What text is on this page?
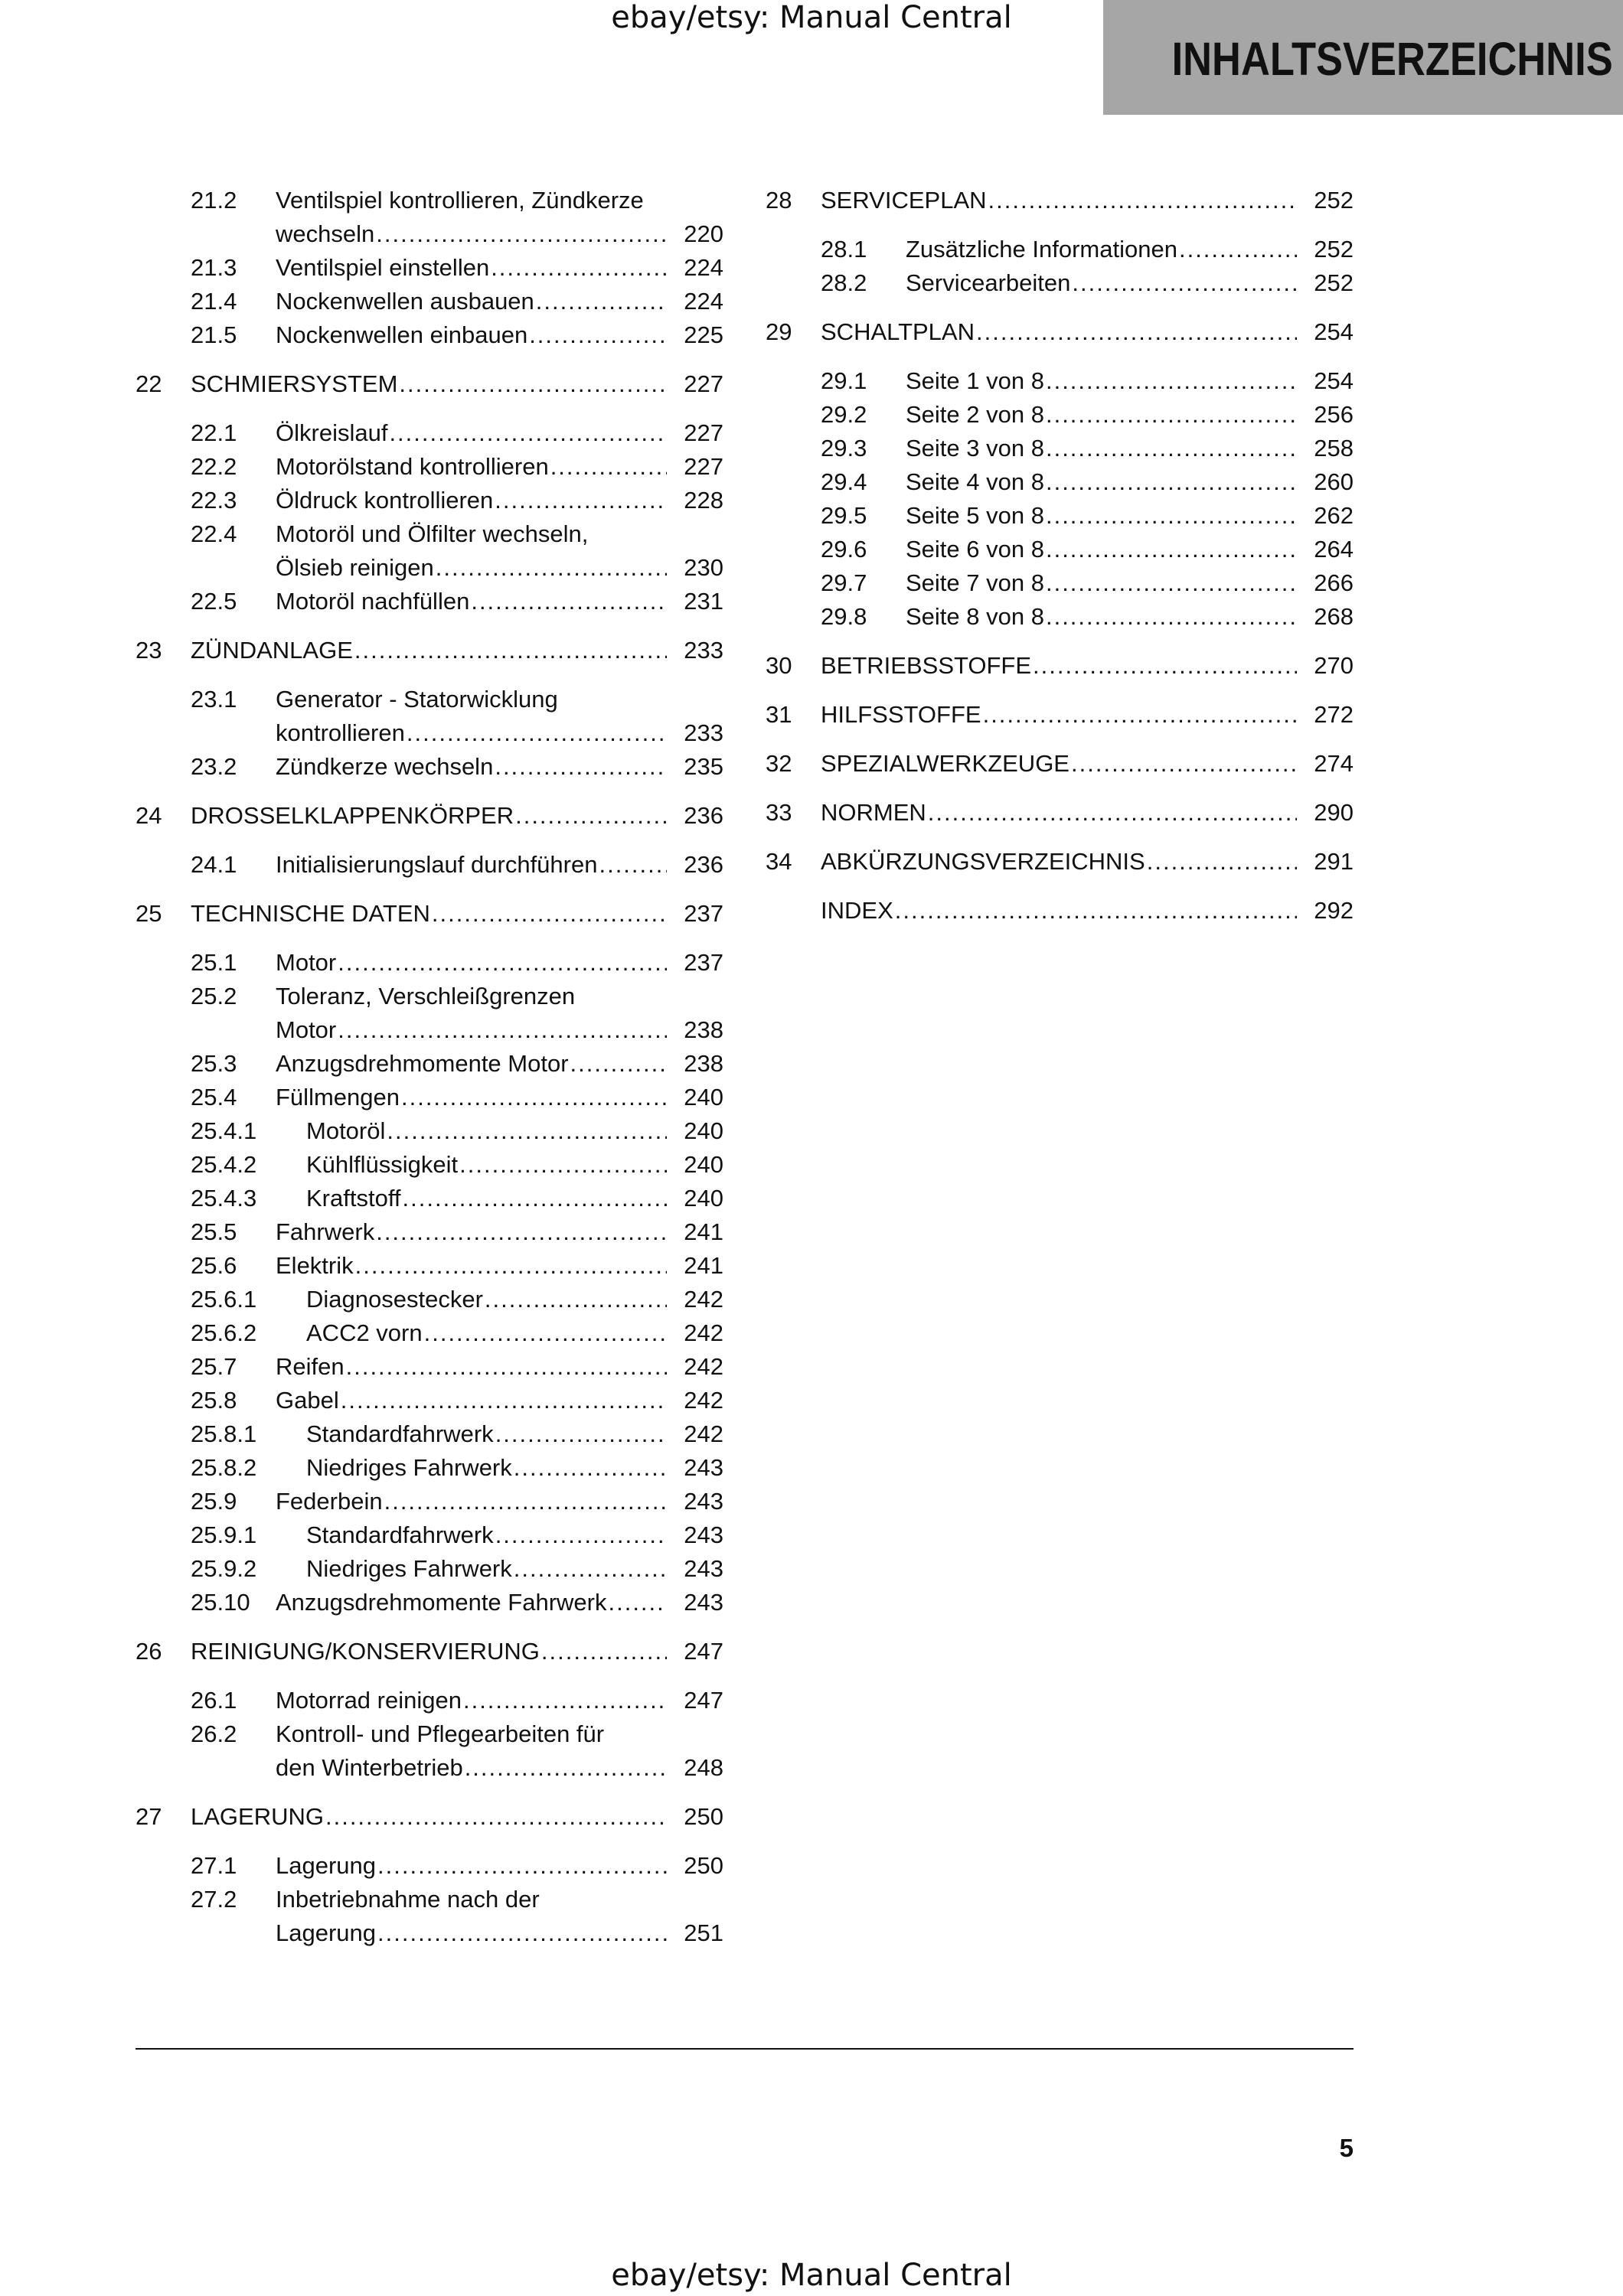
ebay/etsy: Manual Central
INHALTSVERZEICHNIS
21.2	Ventilspiel kontrollieren, Zündkerze
wechseln .....	220
21.3	Ventilspiel einstellen .....	224
21.4	Nockenwellen ausbauen .....	224
21.5	Nockenwellen einbauen .....	225
22	SCHMIERSYSTEM .....	227
22.1	Ölkreislauf .....	227
22.2	Motorölstand kontrollieren .....	227
22.3	Öldruck kontrollieren .....	228
22.4	Motoröl und Ölfilter wechseln,
Ölsieb reinigen .....	230
22.5	Motoröl nachfüllen .....	231
23	ZÜNDANLAGE .....	233
23.1	Generator - Statorwicklung
kontrollieren .....	233
23.2	Zündkerze wechseln .....	235
24	DROSSELKLAPPENKÖRPER .....	236
24.1	Initialisierungslauf durchführen .....	236
25	TECHNISCHE DATEN .....	237
25.1	Motor .....	237
25.2	Toleranz, Verschleißgrenzen
Motor .....	238
25.3	Anzugsdrehmomente Motor .....	238
25.4	Füllmengen .....	240
25.4.1	Motoröl .....	240
25.4.2	Kühlflüssigkeit .....	240
25.4.3	Kraftstoff .....	240
25.5	Fahrwerk .....	241
25.6	Elektrik .....	241
25.6.1	Diagnosestecker .....	242
25.6.2	ACC2 vorn .....	242
25.7	Reifen .....	242
25.8	Gabel .....	242
25.8.1	Standardfahrwerk .....	242
25.8.2	Niedriges Fahrwerk .....	243
25.9	Federbein .....	243
25.9.1	Standardfahrwerk .....	243
25.9.2	Niedriges Fahrwerk .....	243
25.10	Anzugsdrehmomente Fahrwerk .....	243
26	REINIGUNG/KONSERVIERUNG .....	247
26.1	Motorrad reinigen .....	247
26.2	Kontroll- und Pflegearbeiten für
den Winterbetrieb .....	248
27	LAGERUNG .....	250
27.1	Lagerung .....	250
27.2	Inbetriebnahme nach der
Lagerung .....	251
28	SERVICEPLAN .....	252
28.1	Zusätzliche Informationen .....	252
28.2	Servicearbeiten .....	252
29	SCHALTPLAN .....	254
29.1	Seite 1 von 8 .....	254
29.2	Seite 2 von 8 .....	256
29.3	Seite 3 von 8 .....	258
29.4	Seite 4 von 8 .....	260
29.5	Seite 5 von 8 .....	262
29.6	Seite 6 von 8 .....	264
29.7	Seite 7 von 8 .....	266
29.8	Seite 8 von 8 .....	268
30	BETRIEBSSTOFFE .....	270
31	HILFSSTOFFE .....	272
32	SPEZIALWERKZEUGE .....	274
33	NORMEN .....	290
34	ABKÜRZUNGSVERZEICHNIS .....	291
INDEX .....	292
5
ebay/etsy: Manual Central
